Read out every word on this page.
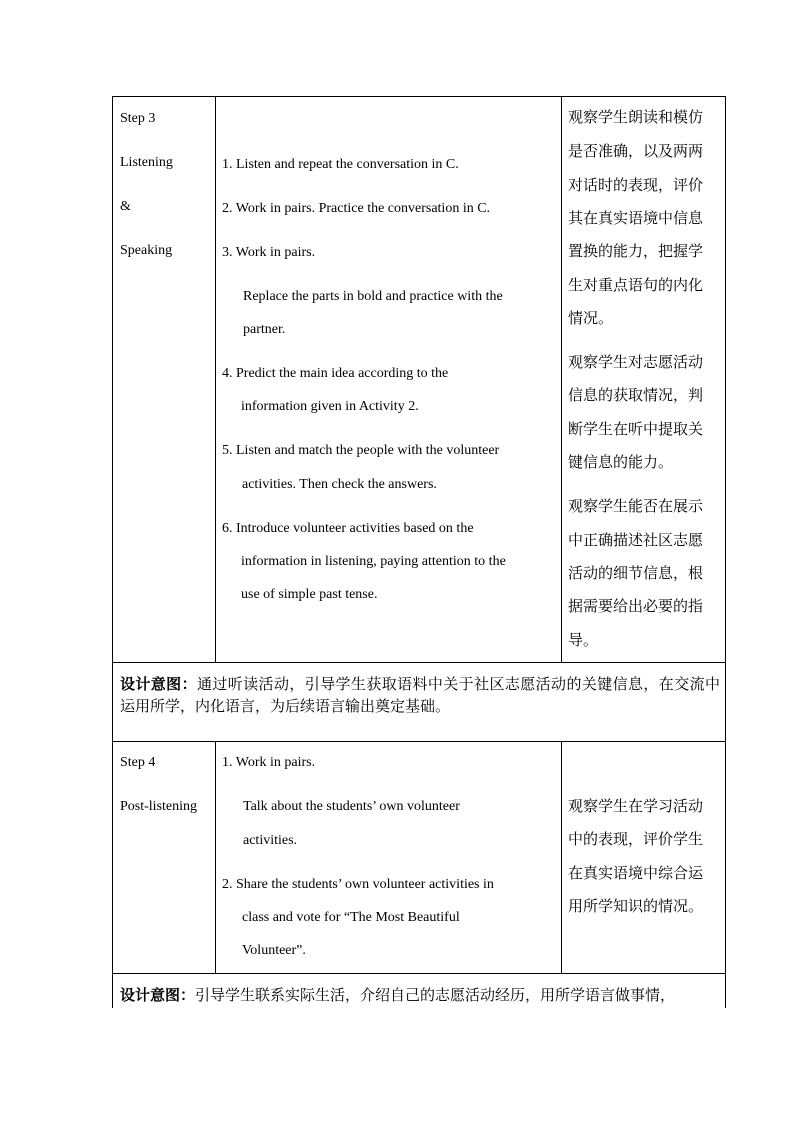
Step 3
Listening
&
Speaking
1. Listen and repeat the conversation in C.
2. Work in pairs. Practice the conversation in C.
3. Work in pairs.
Replace the parts in bold and practice with the
partner.
4. Predict the main idea according to the
information given in Activity 2.
5. Listen and match the people with the volunteer
activities. Then check the answers.
6. Introduce volunteer activities based on the
information in listening, paying attention to the
use of simple past tense.
观察学生朗读和模仿
是否准确，以及两两
对话时的表现，评价
其在真实语境中信息
置换的能力，把握学
生对重点语句的内化
情况。
观察学生对志愿活动
信息的获取情况，判
断学生在听中提取关
键信息的能力。
观察学生能否在展示
中正确描述社区志愿
活动的细节信息，根
据需要给出必要的指
导。
设计意图：通过听读活动，引导学生获取语料中关于社区志愿活动的关键信息，在交流中运用所学，内化语言，为后续语言输出奠定基础。
Step 4
Post-listening
1. Work in pairs.
Talk about the students’ own volunteer
activities.
2. Share the students’ own volunteer activities in
class and vote for “The Most Beautiful
Volunteer”.
观察学生在学习活动
中的表现，评价学生
在真实语境中综合运
用所学知识的情况。
设计意图：引导学生联系实际生活，介绍自己的志愿活动经历，用所学语言做事情，
